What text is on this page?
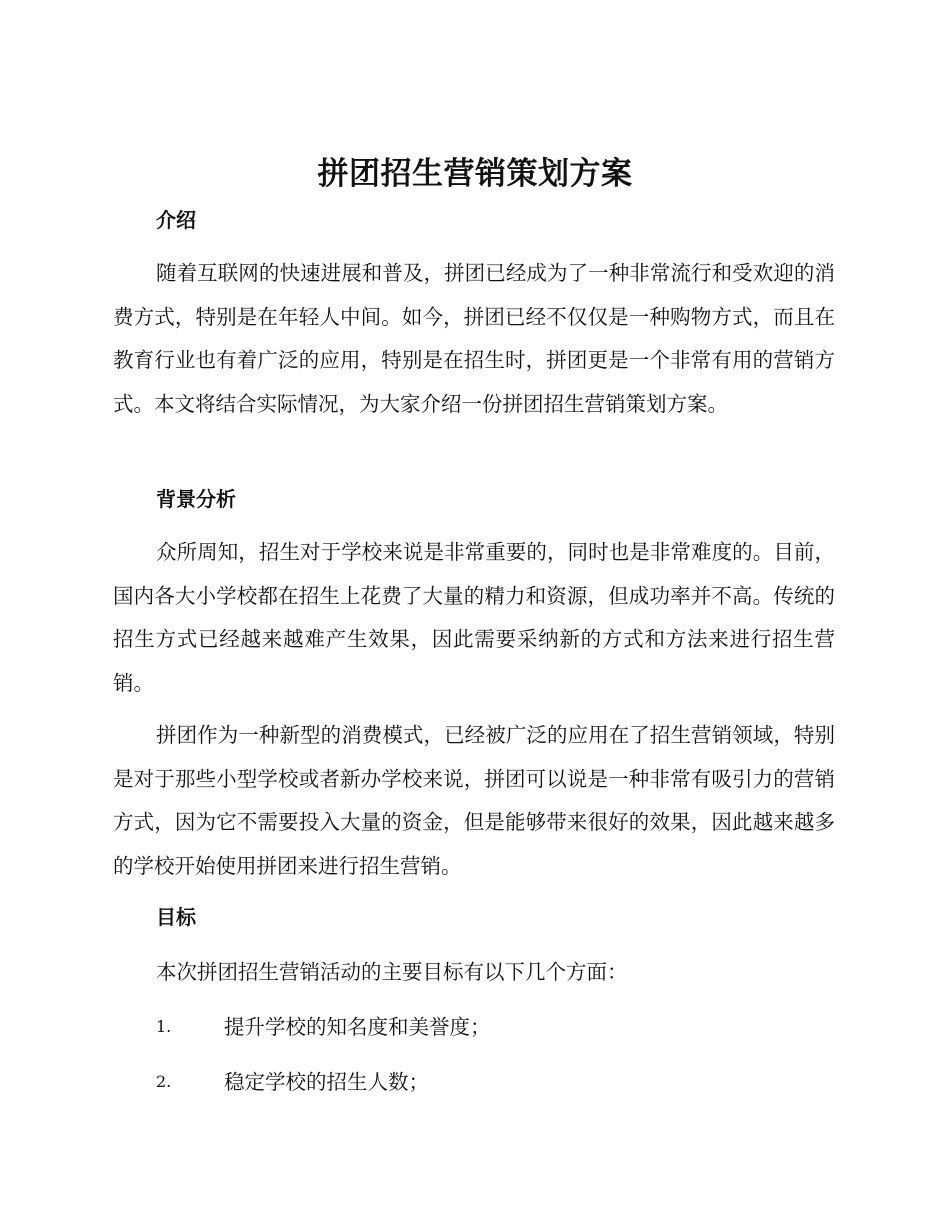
拼团招生营销策划方案
介绍

随着互联网的快速进展和普及，拼团已经成为了一种非常流行和受欢迎的消费方式，特别是在年轻人中间。如今，拼团已经不仅仅是一种购物方式，而且在教育行业也有着广泛的应用，特别是在招生时，拼团更是一个非常有用的营销方式。本文将结合实际情况，为大家介绍一份拼团招生营销策划方案。

背景分析

众所周知，招生对于学校来说是非常重要的，同时也是非常难度的。目前，国内各大小学校都在招生上花费了大量的精力和资源，但成功率并不高。传统的招生方式已经越来越难产生效果，因此需要采纳新的方式和方法来进行招生营销。

拼团作为一种新型的消费模式，已经被广泛的应用在了招生营销领域，特别是对于那些小型学校或者新办学校来说，拼团可以说是一种非常有吸引力的营销方式，因为它不需要投入大量的资金，但是能够带来很好的效果，因此越来越多的学校开始使用拼团来进行招生营销。

目标

本次拼团招生营销活动的主要目标有以下几个方面：

1.	提升学校的知名度和美誉度；
2.	稳定学校的招生人数；
